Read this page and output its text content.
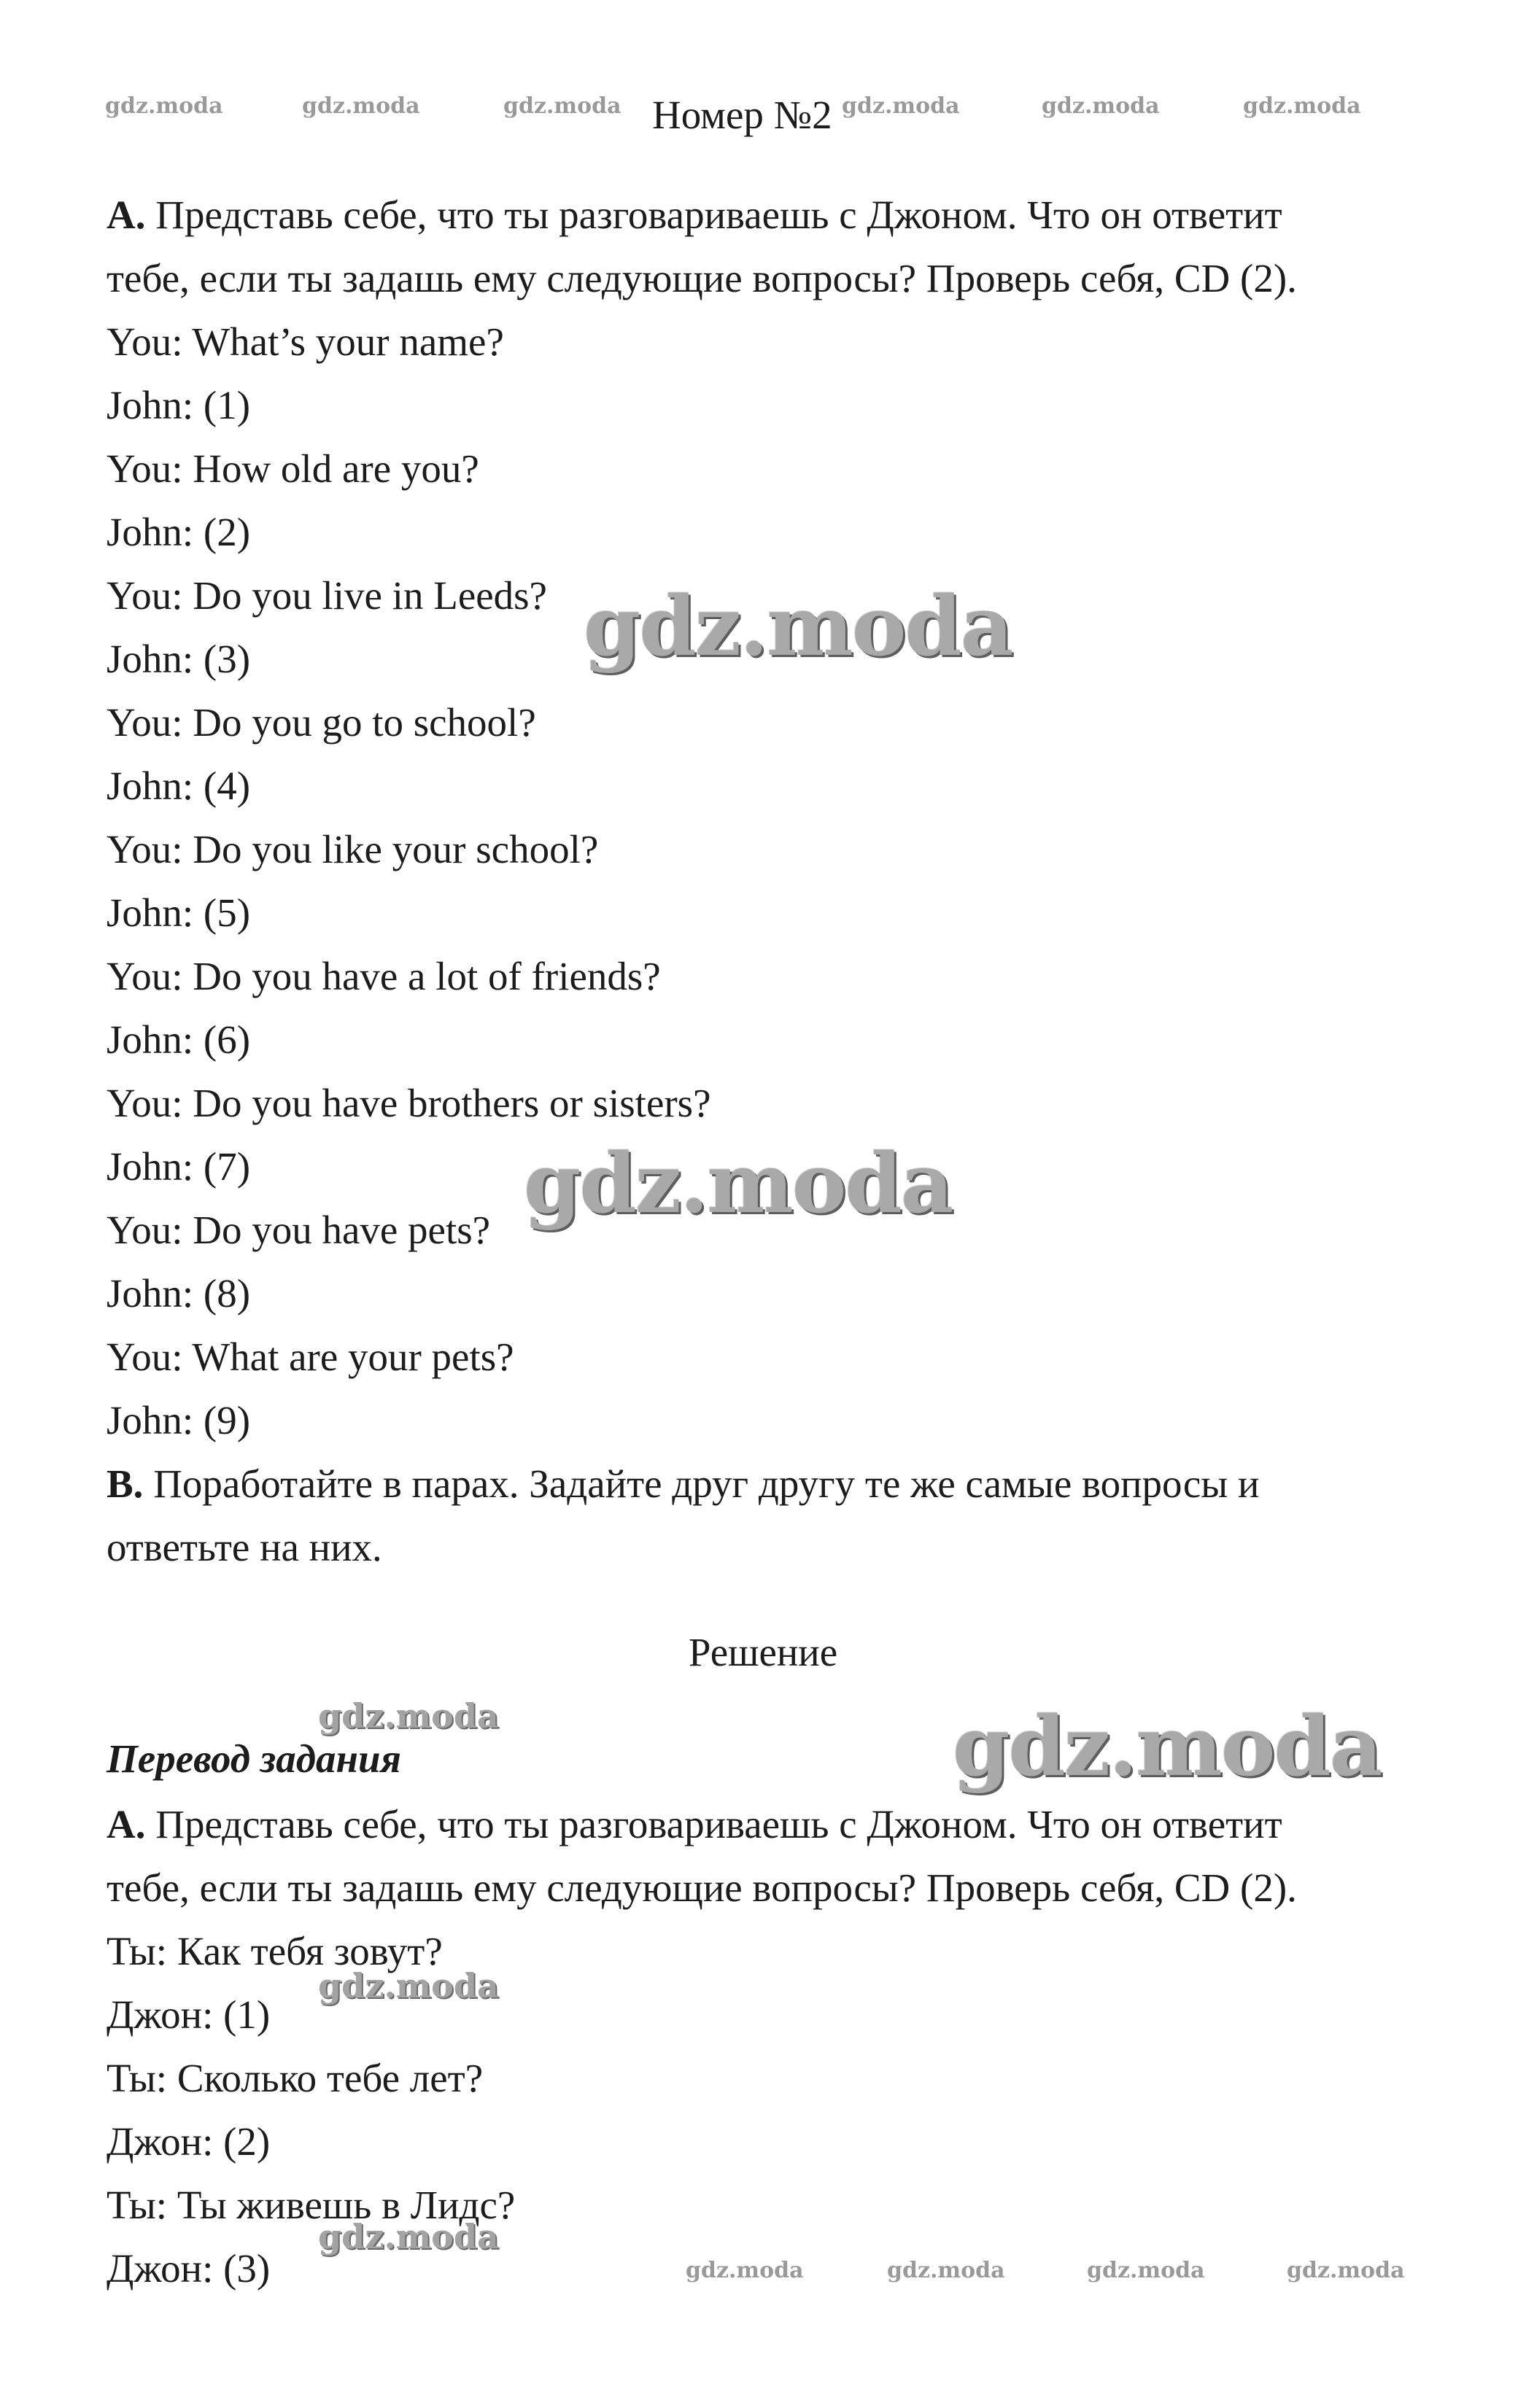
gdz.moda	gdz.moda	gdz.moda	gdz.moda	gdz.moda	gdz.moda
Номер №2
А. Представь себе, что ты разговариваешь с Джоном. Что он ответит
тебе, если ты задашь ему следующие вопросы? Проверь себя, CD (2).
You: What’s your name?
John: (1)
You: How old are you?
John: (2)
You: Do you live in Leeds?
John: (3)
You: Do you go to school?
John: (4)
You: Do you like your school?
John: (5)
You: Do you have a lot of friends?
John: (6)
You: Do you have brothers or sisters?
John: (7)
You: Do you have pets?
John: (8)
You: What are your pets?
John: (9)
В. Поработайте в парах. Задайте друг другу те же самые вопросы и
ответьте на них.
gdz.moda
gdz.moda
Решение
gdz.moda	gdz.moda
Перевод задания
А. Представь себе, что ты разговариваешь с Джоном. Что он ответит
тебе, если ты задашь ему следующие вопросы? Проверь себя, CD (2).
Ты: Как тебя зовут?
Джон: (1)
Ты: Сколько тебе лет?
Джон: (2)
Ты: Ты живешь в Лидс?
Джон: (3)
gdz.moda
gdz.moda
gdz.moda	gdz.moda	gdz.moda	gdz.moda
